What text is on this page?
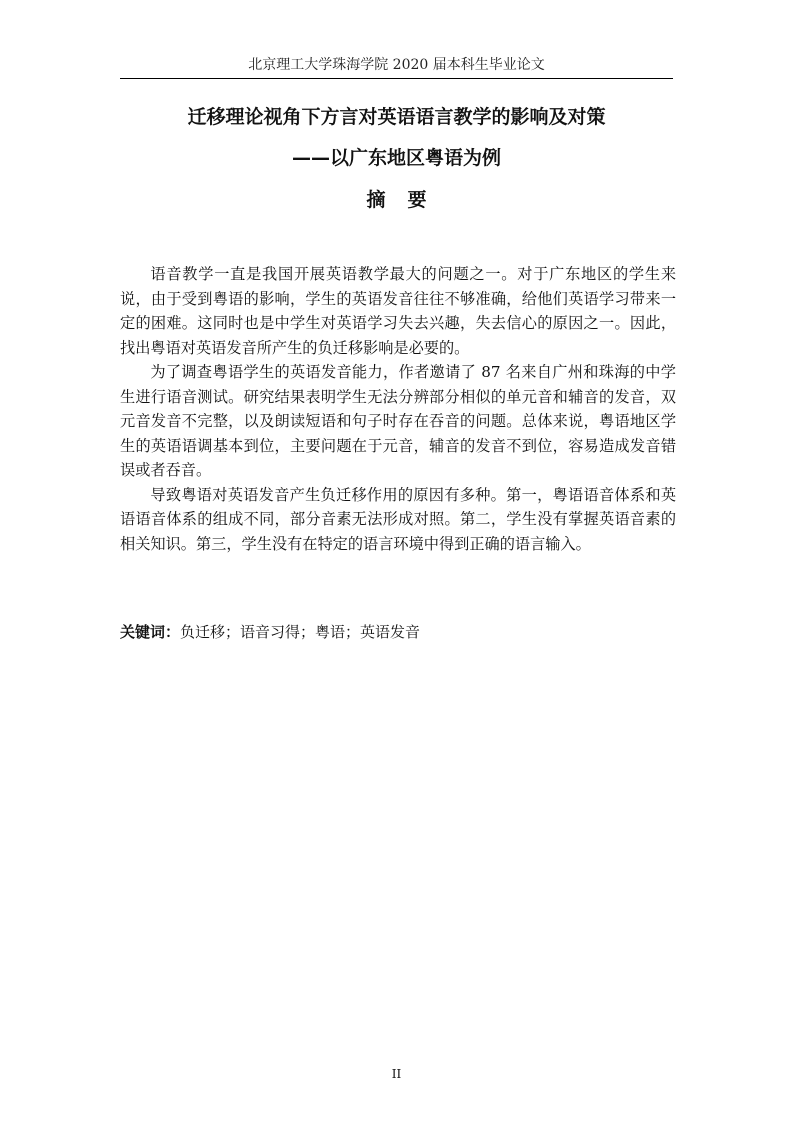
北京理工大学珠海学院 2020 届本科生毕业论文
迁移理论视角下方言对英语语言教学的影响及对策
——以广东地区粤语为例
摘要

语音教学一直是我国开展英语教学最大的问题之一。对于广东地区的学生来说，由于受到粤语的影响，学生的英语发音往往不够准确，给他们英语学习带来一定的困难。这同时也是中学生对英语学习失去兴趣，失去信心的原因之一。因此，找出粤语对英语发音所产生的负迁移影响是必要的。

为了调查粤语学生的英语发音能力，作者邀请了 87 名来自广州和珠海的中学生进行语音测试。研究结果表明学生无法分辨部分相似的单元音和辅音的发音，双元音发音不完整，以及朗读短语和句子时存在吞音的问题。总体来说，粤语地区学生的英语语调基本到位，主要问题在于元音，辅音的发音不到位，容易造成发音错误或者吞音。

导致粤语对英语发音产生负迁移作用的原因有多种。第一，粤语语音体系和英语语音体系的组成不同，部分音素无法形成对照。第二，学生没有掌握英语音素的相关知识。第三，学生没有在特定的语言环境中得到正确的语言输入。

关键词：负迁移；语音习得；粤语；英语发音
II
